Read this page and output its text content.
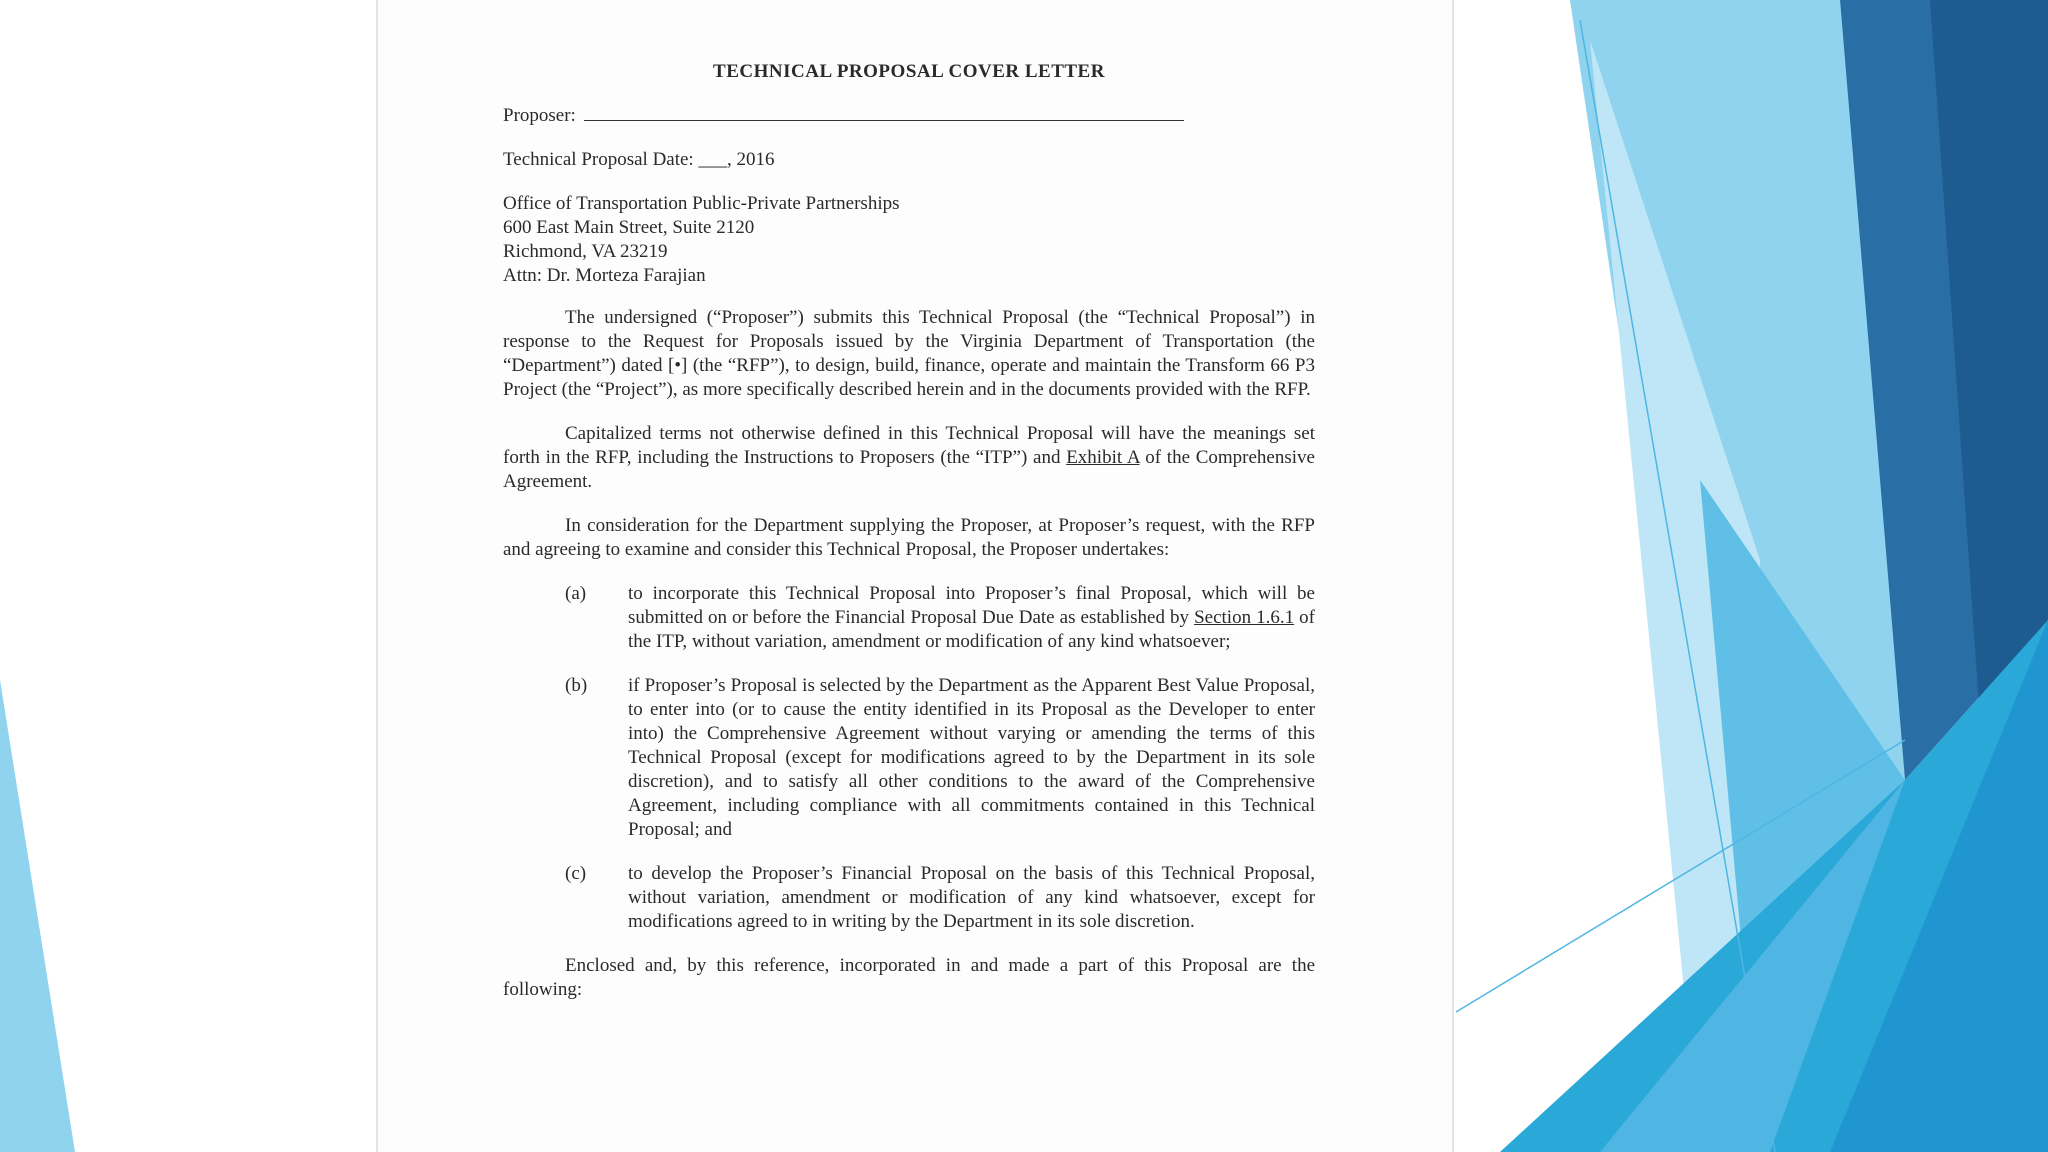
TECHNICAL PROPOSAL COVER LETTER
Proposer:
Technical Proposal Date: ___, 2016
Office of Transportation Public-Private Partnerships
600 East Main Street, Suite 2120
Richmond, VA 23219
Attn: Dr. Morteza Farajian
The undersigned (“Proposer”) submits this Technical Proposal (the “Technical Proposal”) in response to the Request for Proposals issued by the Virginia Department of Transportation (the “Department”) dated [•] (the “RFP”), to design, build, finance, operate and maintain the Transform 66 P3 Project (the “Project”), as more specifically described herein and in the documents provided with the RFP.
Capitalized terms not otherwise defined in this Technical Proposal will have the meanings set forth in the RFP, including the Instructions to Proposers (the “ITP”) and Exhibit A of the Comprehensive Agreement.
In consideration for the Department supplying the Proposer, at Proposer’s request, with the RFP and agreeing to examine and consider this Technical Proposal, the Proposer undertakes:
(a)	to incorporate this Technical Proposal into Proposer’s final Proposal, which will be submitted on or before the Financial Proposal Due Date as established by Section 1.6.1 of the ITP, without variation, amendment or modification of any kind whatsoever;
(b)	if Proposer’s Proposal is selected by the Department as the Apparent Best Value Proposal, to enter into (or to cause the entity identified in its Proposal as the Developer to enter into) the Comprehensive Agreement without varying or amending the terms of this Technical Proposal (except for modifications agreed to by the Department in its sole discretion), and to satisfy all other conditions to the award of the Comprehensive Agreement, including compliance with all commitments contained in this Technical Proposal; and
(c)	to develop the Proposer’s Financial Proposal on the basis of this Technical Proposal, without variation, amendment or modification of any kind whatsoever, except for modifications agreed to in writing by the Department in its sole discretion.
Enclosed and, by this reference, incorporated in and made a part of this Proposal are the following:
